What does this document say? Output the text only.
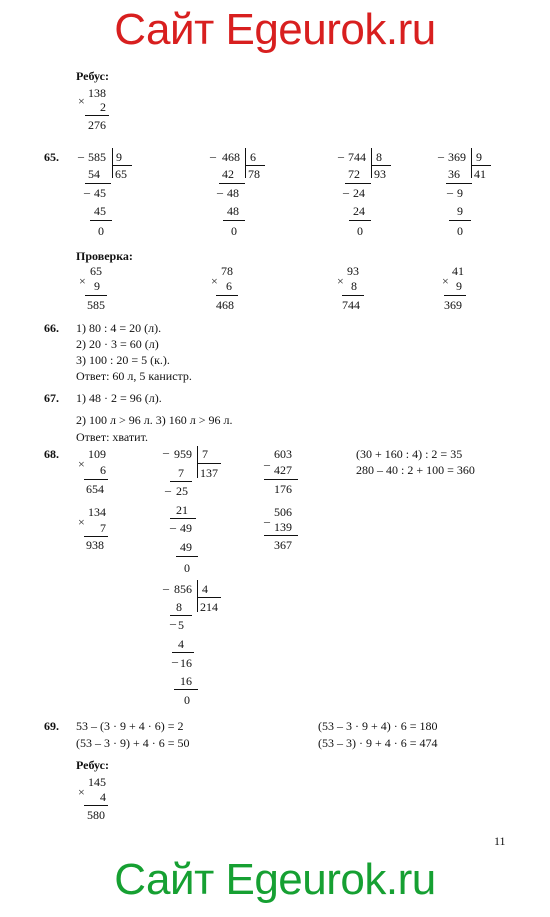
Сайт Egeurok.ru
Сайт Egeurok.ru
Ребус:
138
× 2
276
65. _ 585 9
65
54
_ 45
45
0
_ 468 6
78
42
_ 48
48
0
_ 744 8
93
72
_ 24
24
0
_ 369 9
41
36
_ 9
9
0
Проверка:
65
× 9
585
78
× 6
468
93
× 8
744
41
× 9
369
66. 1) 80 : 4 = 20 (л).
2) 20 · 3 = 60 (л)
3) 100 : 20 = 5 (к.).
Ответ: 60 л, 5 канистр.
67. 1) 48 · 2 = 96 (л).
2) 100 л > 96 л. 3) 160 л > 96 л.
Ответ: хватит.
68. 109
× 6
654
134
× 7
938
_ 959 7
137
7
_ 25
21
_ 49
49
0
603
– 427
176
506
– 139
367
_ 856 4
214
8
_ 5
4
_ 16
16
0
(30 + 160 : 4) : 2 = 35
280 – 40 : 2 + 100 = 360
69. 53 – (3 · 9 + 4 · 6) = 2
(53 – 3 · 9) + 4 · 6 = 50
(53 – 3 · 9 + 4) · 6 = 180
(53 – 3) · 9 + 4 · 6 = 474
Ребус:
145
× 4
580
11
